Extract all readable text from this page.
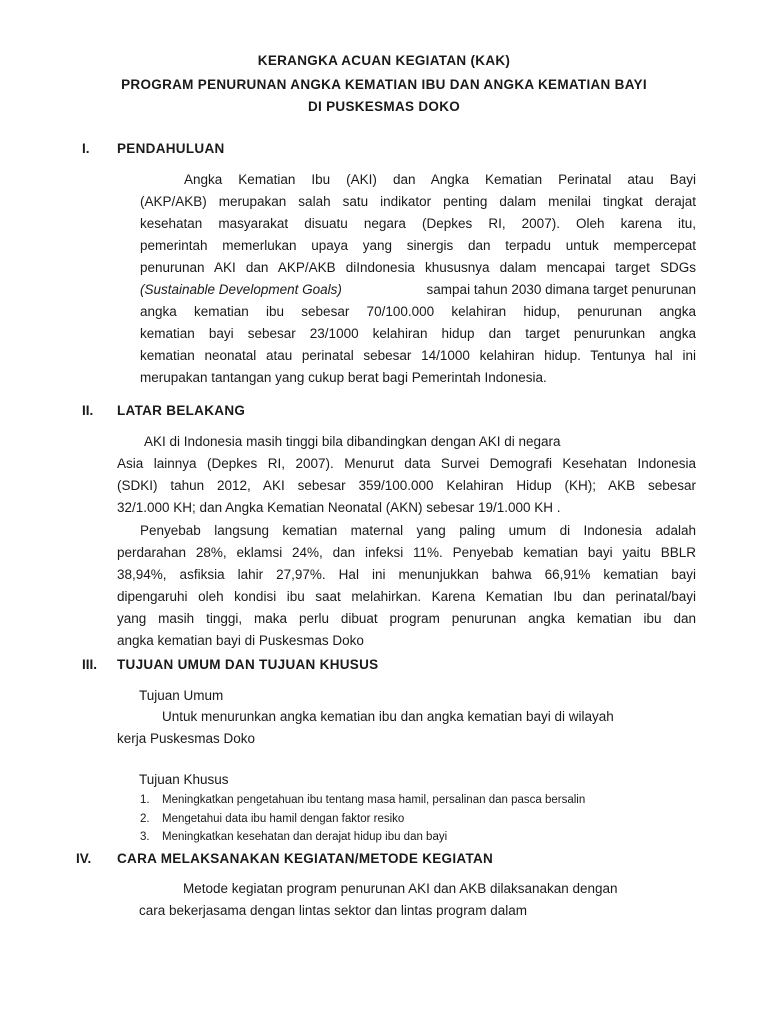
KERANGKA ACUAN KEGIATAN (KAK)
PROGRAM PENURUNAN ANGKA KEMATIAN IBU DAN ANGKA KEMATIAN BAYI
DI PUSKESMAS DOKO
I. PENDAHULUAN
Angka Kematian Ibu (AKI) dan Angka Kematian Perinatal atau Bayi
(AKP/AKB) merupakan salah satu indikator penting dalam menilai tingkat derajat
kesehatan masyarakat disuatu negara (Depkes RI, 2007). Oleh karena itu,
pemerintah memerlukan upaya yang sinergis dan terpadu untuk mempercepat
penurunan AKI dan AKP/AKB diIndonesia khususnya dalam mencapai target SDGs
(Sustainable Development Goals)	sampai tahun 2030 dimana target penurunan
angka kematian ibu sebesar 70/100.000 kelahiran hidup, penurunan angka
kematian bayi sebesar 23/1000 kelahiran hidup dan target penurunkan angka
kematian neonatal atau perinatal sebesar 14/1000 kelahiran hidup. Tentunya hal ini
merupakan tantangan yang cukup berat bagi Pemerintah Indonesia.
II. LATAR BELAKANG
AKI di Indonesia masih tinggi bila dibandingkan dengan AKI di negara
Asia lainnya (Depkes RI, 2007). Menurut data Survei Demografi Kesehatan Indonesia
(SDKI) tahun 2012, AKI sebesar 359/100.000 Kelahiran Hidup (KH); AKB sebesar
32/1.000 KH; dan Angka Kematian Neonatal (AKN) sebesar 19/1.000 KH .
Penyebab langsung kematian maternal yang paling umum di Indonesia adalah
perdarahan 28%, eklamsi 24%, dan infeksi 11%. Penyebab kematian bayi yaitu BBLR
38,94%, asfiksia lahir 27,97%. Hal ini menunjukkan bahwa 66,91% kematian bayi
dipengaruhi oleh kondisi ibu saat melahirkan. Karena Kematian Ibu dan perinatal/bayi
yang masih tinggi, maka perlu dibuat program penurunan angka kematian ibu dan
angka kematian bayi di Puskesmas Doko
III. TUJUAN UMUM DAN TUJUAN KHUSUS
Tujuan Umum
Untuk menurunkan angka kematian ibu dan angka kematian bayi di wilayah
kerja Puskesmas Doko
Tujuan Khusus
1. Meningkatkan pengetahuan ibu tentang masa hamil, persalinan dan pasca bersalin
2. Mengetahui data ibu hamil dengan faktor resiko
3. Meningkatkan kesehatan dan derajat hidup ibu dan bayi
IV. CARA MELAKSANAKAN KEGIATAN/METODE KEGIATAN
Metode kegiatan program penurunan AKI dan AKB dilaksanakan dengan
cara bekerjasama dengan lintas sektor dan lintas program dalam
